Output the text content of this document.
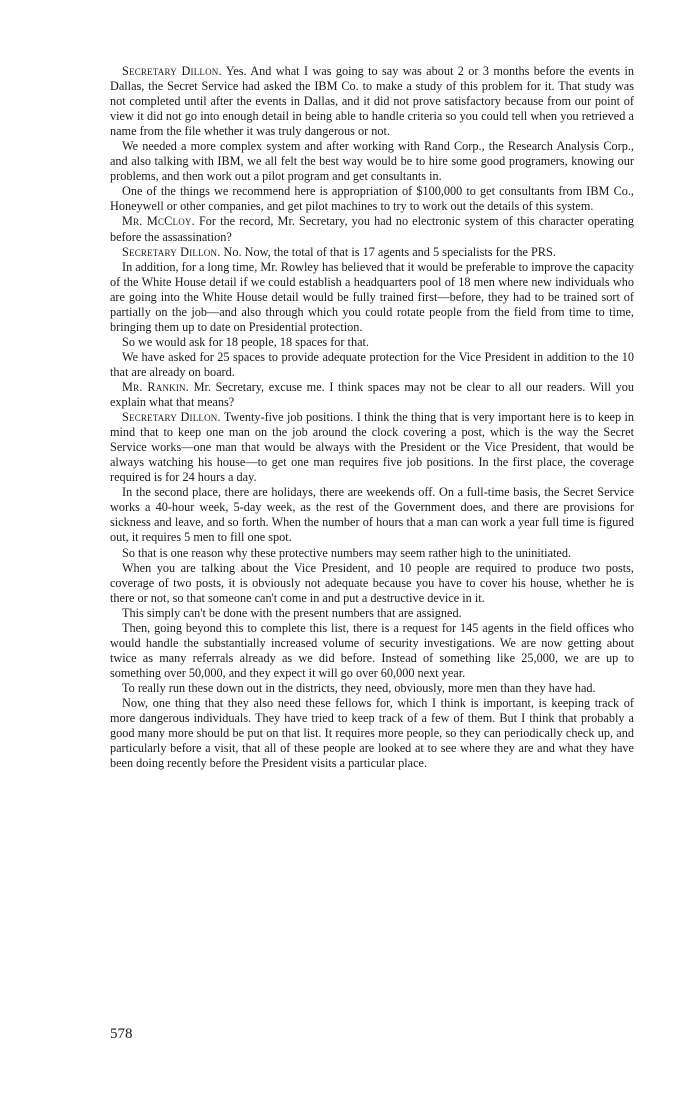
Secretary Dillon. Yes. And what I was going to say was about 2 or 3 months before the events in Dallas, the Secret Service had asked the IBM Co. to make a study of this problem for it. That study was not completed until after the events in Dallas, and it did not prove satisfactory because from our point of view it did not go into enough detail in being able to handle criteria so you could tell when you retrieved a name from the file whether it was truly dangerous or not.

We needed a more complex system and after working with Rand Corp., the Research Analysis Corp., and also talking with IBM, we all felt the best way would be to hire some good programers, knowing our problems, and then work out a pilot program and get consultants in.

One of the things we recommend here is appropriation of $100,000 to get consultants from IBM Co., Honeywell or other companies, and get pilot machines to try to work out the details of this system.

Mr. McCloy. For the record, Mr. Secretary, you had no electronic system of this character operating before the assassination?

Secretary Dillon. No. Now, the total of that is 17 agents and 5 specialists for the PRS.

In addition, for a long time, Mr. Rowley has believed that it would be preferable to improve the capacity of the White House detail if we could establish a headquarters pool of 18 men where new individuals who are going into the White House detail would be fully trained first—before, they had to be trained sort of partially on the job—and also through which you could rotate people from the field from time to time, bringing them up to date on Presidential protection.

So we would ask for 18 people, 18 spaces for that.

We have asked for 25 spaces to provide adequate protection for the Vice President in addition to the 10 that are already on board.

Mr. Rankin. Mr. Secretary, excuse me. I think spaces may not be clear to all our readers. Will you explain what that means?

Secretary Dillon. Twenty-five job positions. I think the thing that is very important here is to keep in mind that to keep one man on the job around the clock covering a post, which is the way the Secret Service works—one man that would be always with the President or the Vice President, that would be always watching his house—to get one man requires five job positions. In the first place, the coverage required is for 24 hours a day.

In the second place, there are holidays, there are weekends off. On a full-time basis, the Secret Service works a 40-hour week, 5-day week, as the rest of the Government does, and there are provisions for sickness and leave, and so forth. When the number of hours that a man can work a year full time is figured out, it requires 5 men to fill one spot.

So that is one reason why these protective numbers may seem rather high to the uninitiated.

When you are talking about the Vice President, and 10 people are required to produce two posts, coverage of two posts, it is obviously not adequate because you have to cover his house, whether he is there or not, so that someone can't come in and put a destructive device in it.

This simply can't be done with the present numbers that are assigned.

Then, going beyond this to complete this list, there is a request for 145 agents in the field offices who would handle the substantially increased volume of security investigations. We are now getting about twice as many referrals already as we did before. Instead of something like 25,000, we are up to something over 50,000, and they expect it will go over 60,000 next year.

To really run these down out in the districts, they need, obviously, more men than they have had.

Now, one thing that they also need these fellows for, which I think is important, is keeping track of more dangerous individuals. They have tried to keep track of a few of them. But I think that probably a good many more should be put on that list. It requires more people, so they can periodically check up, and particularly before a visit, that all of these people are looked at to see where they are and what they have been doing recently before the President visits a particular place.

578
